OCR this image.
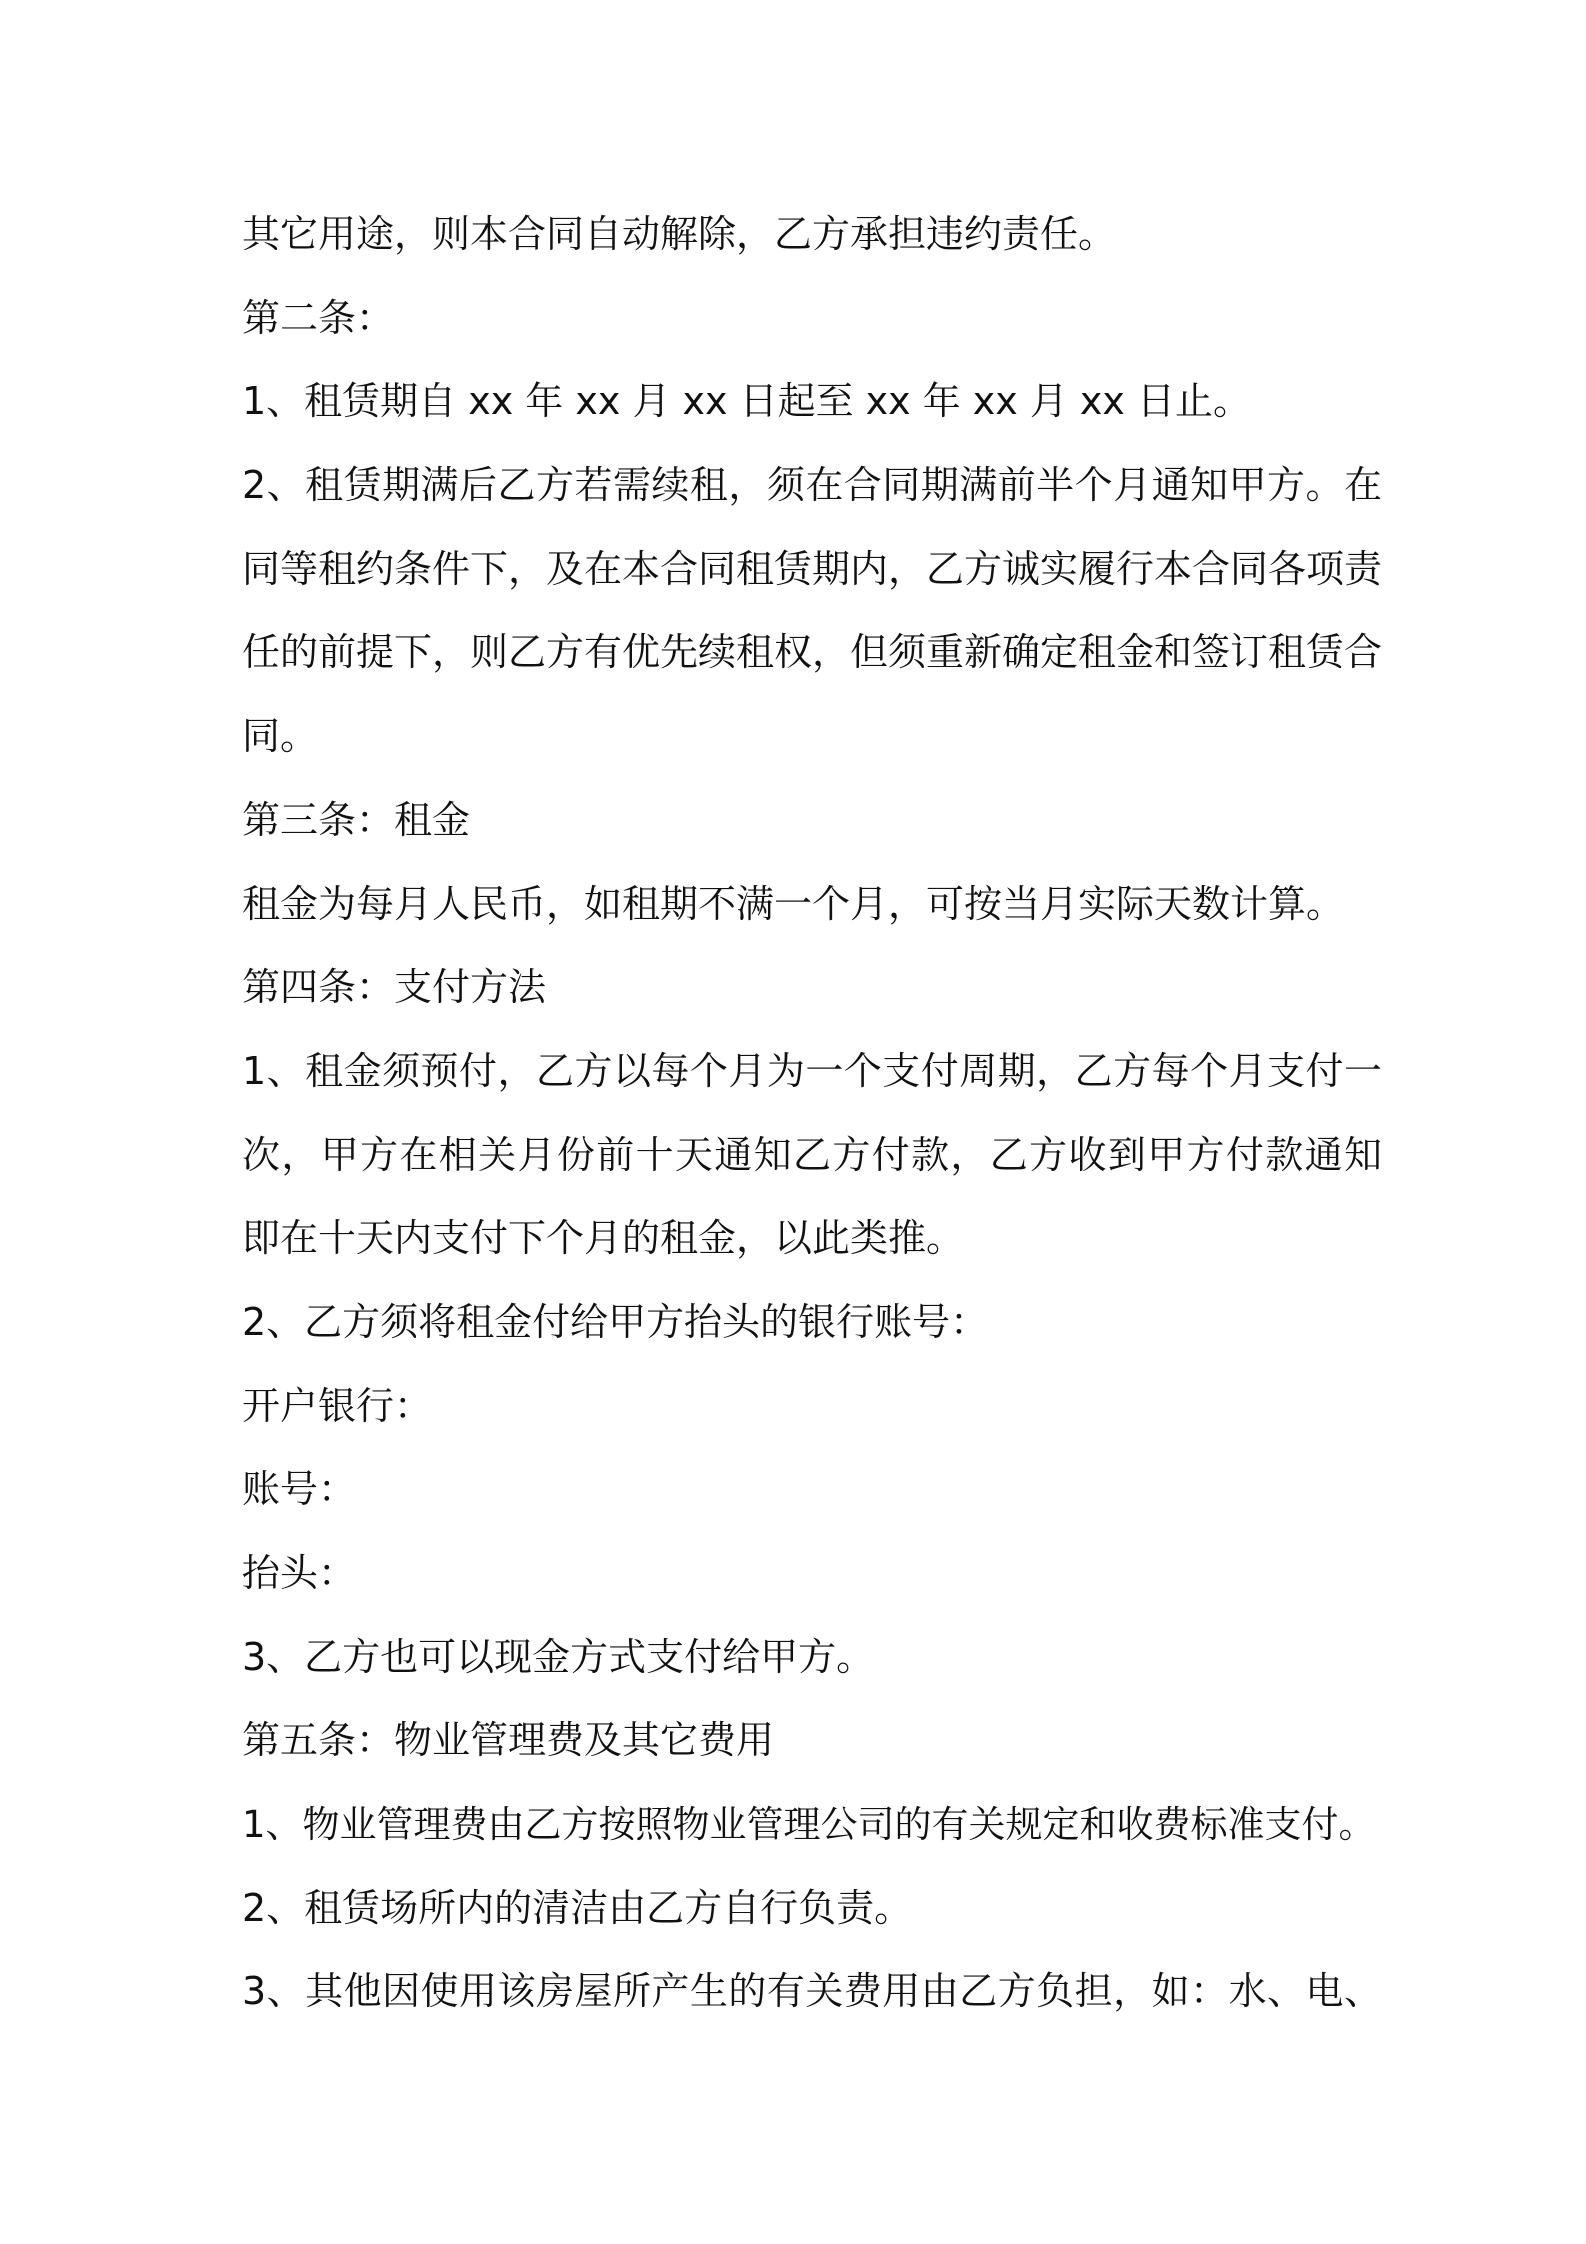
其它用途，则本合同自动解除，乙方承担违约责任。
第二条：
1、租赁期自 xx 年 xx 月 xx 日起至 xx 年 xx 月 xx 日止。
2、租赁期满后乙方若需续租，须在合同期满前半个月通知甲方。在
同等租约条件下，及在本合同租赁期内，乙方诚实履行本合同各项责
任的前提下，则乙方有优先续租权，但须重新确定租金和签订租赁合
同。
第三条：租金
租金为每月人民币，如租期不满一个月，可按当月实际天数计算。
第四条：支付方法
1、租金须预付，乙方以每个月为一个支付周期，乙方每个月支付一
次，甲方在相关月份前十天通知乙方付款，乙方收到甲方付款通知
即在十天内支付下个月的租金，以此类推。
2、乙方须将租金付给甲方抬头的银行账号：
开户银行：
账号：
抬头：
3、乙方也可以现金方式支付给甲方。
第五条：物业管理费及其它费用
1、物业管理费由乙方按照物业管理公司的有关规定和收费标准支付。
2、租赁场所内的清洁由乙方自行负责。
3、其他因使用该房屋所产生的有关费用由乙方负担，如：水、电、
